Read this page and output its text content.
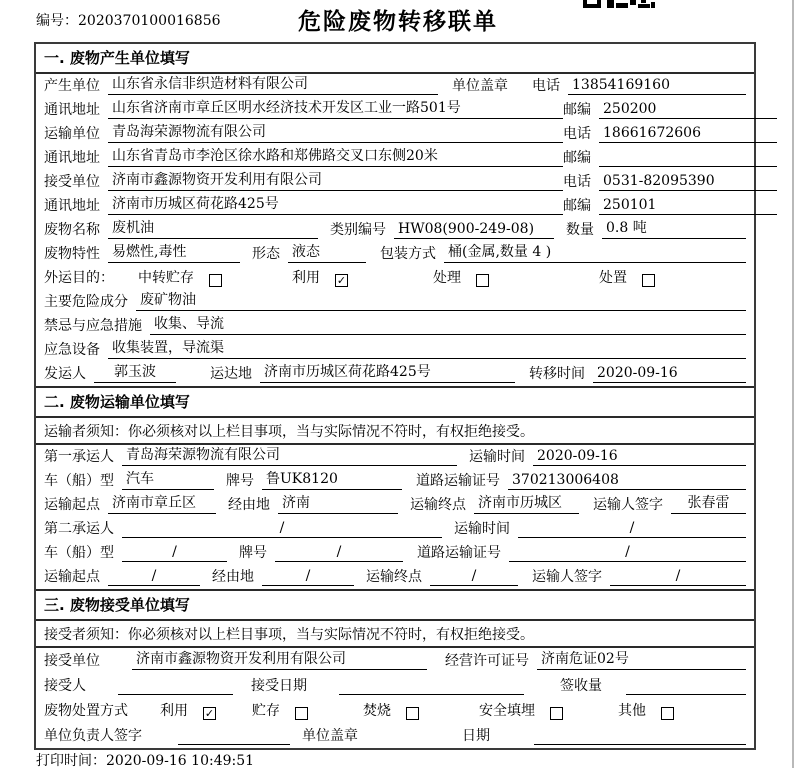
编号：2020370100016856	危险废物转移联单
一. 废物产生单位填写
产生单位 山东省永信非织造材料有限公司	单位盖章	电话 13854169160
通讯地址 山东省济南市章丘区明水经济技术开发区工业一路501号	邮编 250200
运输单位 青岛海荣源物流有限公司	电话 18661672606
通讯地址 山东省青岛市李沧区徐水路和郑佛路交叉口东侧20米	邮编
接受单位 济南市鑫源物资开发利用有限公司	电话 0531-82095390
通讯地址 济南市历城区荷花路425号	邮编 250101
废物名称 废机油	类别编号 HW08(900-249-08)	数量 0.8 吨
废物特性 易燃性,毒性	形态 液态	包装方式 桶(金属,数量 4 )
外运目的：	中转贮存	利用	✓	处理	处置
主要危险成分 废矿物油
禁忌与应急措施 收集、导流
应急设备 收集装置，导流渠
发运人	郭玉波	运达地 济南市历城区荷花路425号	转移时间 2020-09-16
二. 废物运输单位填写
运输者须知： 你必须核对以上栏目事项，当与实际情况不符时，有权拒绝接受。
第一承运人 青岛海荣源物流有限公司	运输时间 2020-09-16
车（船）型 汽车	牌号 鲁UK8120	道路运输证号 370213006408
运输起点 济南市章丘区	经由地 济南	运输终点 济南市历城区	运输人签字	张春雷
第二承运人	/	运输时间	/
车（船）型	/	牌号	/	道路运输证号	/
运输起点	/	经由地	/	运输终点	/	运输人签字	/
三. 废物接受单位填写
接受者须知： 你必须核对以上栏目事项，当与实际情况不符时，有权拒绝接受。
接受单位	济南市鑫源物资开发利用有限公司	经营许可证号 济南危证02号
接受人	接受日期	签收量
废物处置方式	利用	✓	贮存	焚烧	安全填埋	其他
单位负责人签字	单位盖章	日期
打印时间：2020-09-16 10:49:51
